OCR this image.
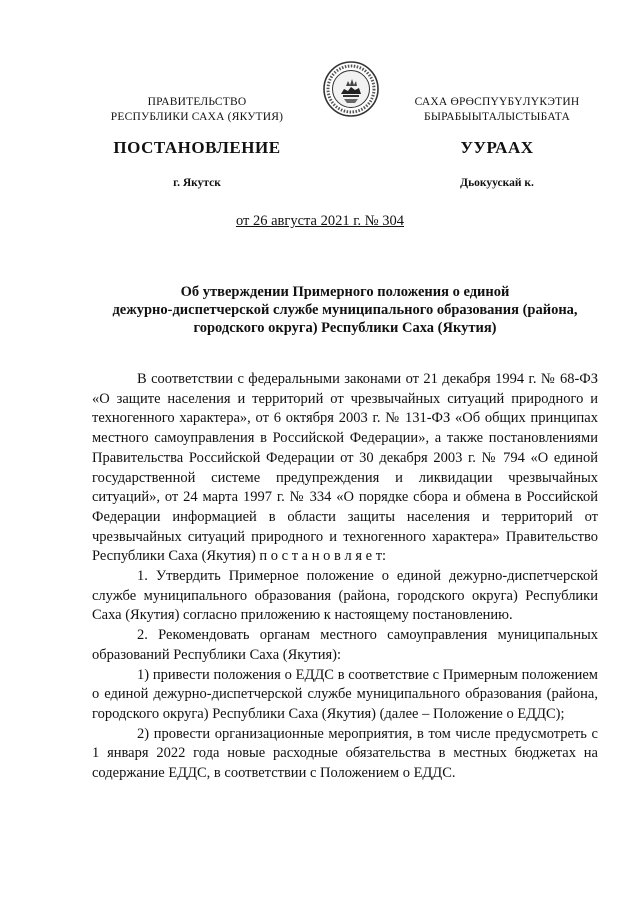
ПРАВИТЕЛЬСТВО
РЕСПУБЛИКИ САХА (ЯКУТИЯ)
САХА ӨРӨСПҮҮБҮЛҮКЭТИН
БЫРАБЫЫТАЛЫСТЫБАТА
ПОСТАНОВЛЕНИЕ	УУРААХ
г. Якутск	Дьокуускай к.
от 26 августа 2021 г. № 304
Об утверждении Примерного положения о единой
дежурно-диспетчерской службе муниципального образования (района,
городского округа) Республики Саха (Якутия)

В соответствии с федеральными законами от 21 декабря 1994 г. № 68-ФЗ «О защите населения и территорий от чрезвычайных ситуаций природного и техногенного характера», от 6 октября 2003 г. № 131-ФЗ «Об общих принципах местного самоуправления в Российской Федерации», а также постановлениями Правительства Российской Федерации от 30 декабря 2003 г. № 794 «О единой государственной системе предупреждения и ликвидации чрезвычайных ситуаций», от 24 марта 1997 г. № 334 «О порядке сбора и обмена в Российской Федерации информацией в области защиты населения и территорий от чрезвычайных ситуаций природного и техногенного характера» Правительство Республики Саха (Якутия) п о с т а н о в л я е т:

1. Утвердить Примерное положение о единой дежурно-диспетчерской службе муниципального образования (района, городского округа) Республики Саха (Якутия) согласно приложению к настоящему постановлению.

2. Рекомендовать органам местного самоуправления муниципальных образований Республики Саха (Якутия):

1) привести положения о ЕДДС в соответствие с Примерным положением о единой дежурно-диспетчерской службе муниципального образования (района, городского округа) Республики Саха (Якутия) (далее – Положение о ЕДДС);

2) провести организационные мероприятия, в том числе предусмотреть с 1 января 2022 года новые расходные обязательства в местных бюджетах на содержание ЕДДС, в соответствии с Положением о ЕДДС.
